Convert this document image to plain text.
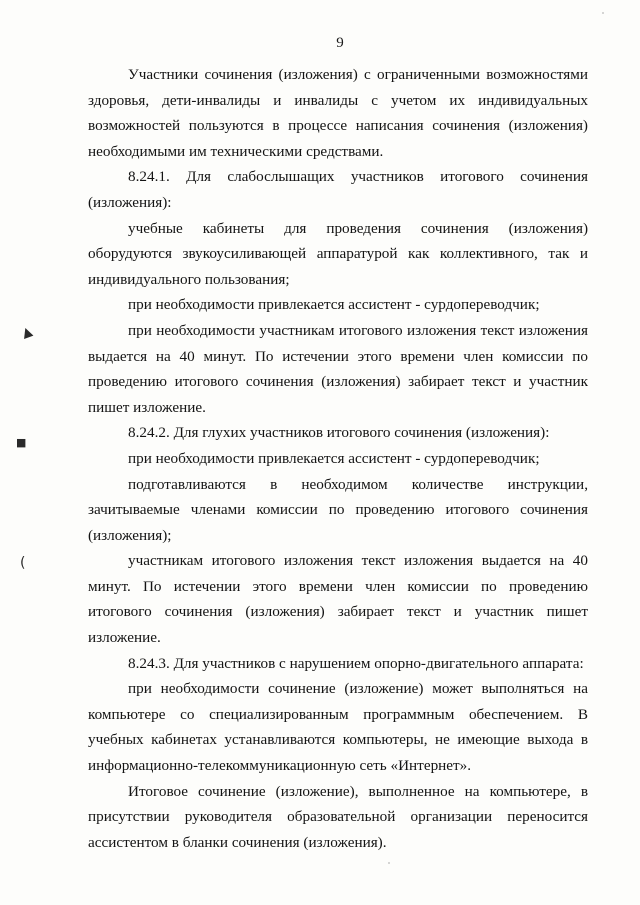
9

Участники сочинения (изложения) с ограниченными возможностями здоровья, дети-инвалиды и инвалиды с учетом их индивидуальных возможностей пользуются в процессе написания сочинения (изложения) необходимыми им техническими средствами.

8.24.1. Для слабослышащих участников итогового сочинения (изложения):

учебные кабинеты для проведения сочинения (изложения) оборудуются звукоусиливающей аппаратурой как коллективного, так и индивидуального пользования;

при необходимости привлекается ассистент - сурдопереводчик;

при необходимости участникам итогового изложения текст изложения выдается на 40 минут. По истечении этого времени член комиссии по проведению итогового сочинения (изложения) забирает текст и участник пишет изложение.

8.24.2. Для глухих участников итогового сочинения (изложения):

при необходимости привлекается ассистент - сурдопереводчик;

подготавливаются в необходимом количестве инструкции, зачитываемые членами комиссии по проведению итогового сочинения (изложения);

участникам итогового изложения текст изложения выдается на 40 минут. По истечении этого времени член комиссии по проведению итогового сочинения (изложения) забирает текст и участник пишет изложение.

8.24.3. Для участников с нарушением опорно-двигательного аппарата:

при необходимости сочинение (изложение) может выполняться на компьютере со специализированным программным обеспечением. В учебных кабинетах устанавливаются компьютеры, не имеющие выхода в информационно-телекоммуникационную сеть «Интернет».

Итоговое сочинение (изложение), выполненное на компьютере, в присутствии руководителя образовательной организации переносится ассистентом в бланки сочинения (изложения).

▲
■
(
